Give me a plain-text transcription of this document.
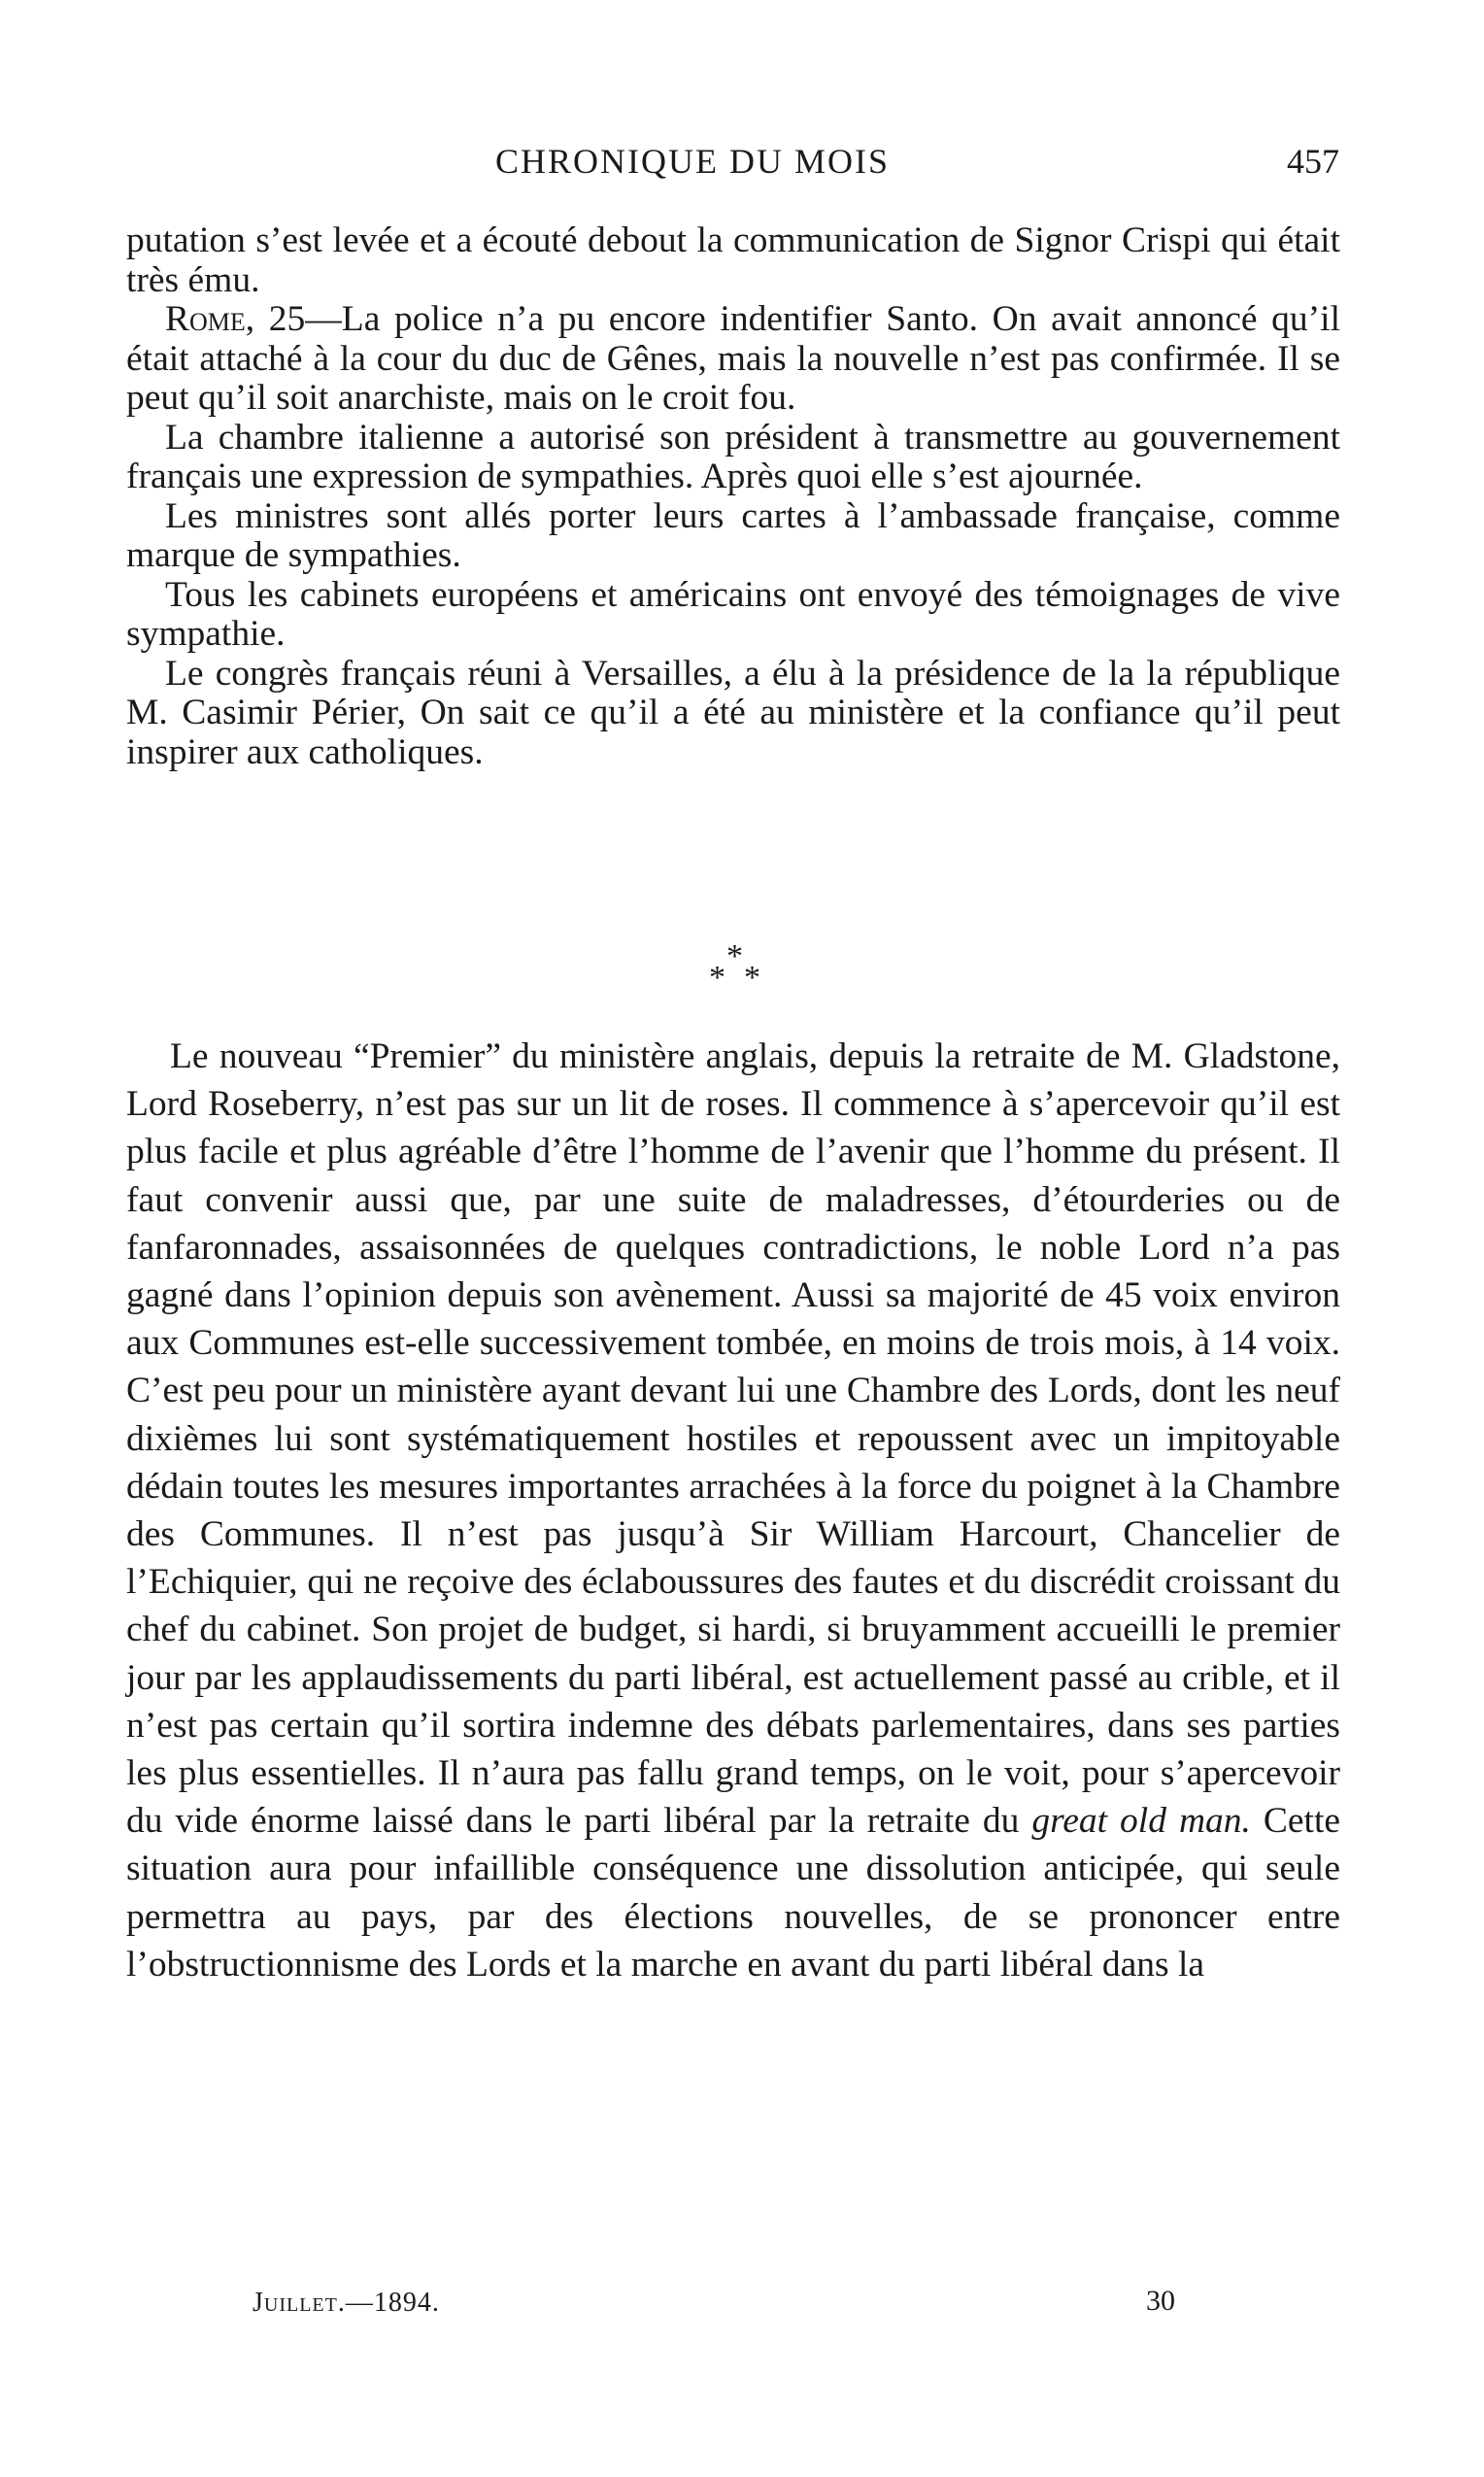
CHRONIQUE DU MOIS	457

putation s’est levée et a écouté debout la communication de Signor Crispi qui était très ému.

Rome, 25—La police n’a pu encore indentifier Santo. On avait annoncé qu’il était attaché à la cour du duc de Gênes, mais la nouvelle n’est pas confirmée. Il se peut qu’il soit anarchiste, mais on le croit fou.

La chambre italienne a autorisé son président à transmettre au gouvernement français une expression de sympathies. Après quoi elle s’est ajournée.

Les ministres sont allés porter leurs cartes à l’ambassade française, comme marque de sympathies.

Tous les cabinets européens et américains ont envoyé des témoignages de vive sympathie.

Le congrès français réuni à Versailles, a élu à la présidence de la la république M. Casimir Périer, On sait ce qu’il a été au ministère et la confiance qu’il peut inspirer aux catholiques.

*
* *

Le nouveau “Premier” du ministère anglais, depuis la retraite de M. Gladstone, Lord Roseberry, n’est pas sur un lit de roses. Il commence à s’apercevoir qu’il est plus facile et plus agréable d’être l’homme de l’avenir que l’homme du présent. Il faut convenir aussi que, par une suite de maladresses, d’étourderies ou de fanfaronnades, assaisonnées de quelques contradictions, le noble Lord n’a pas gagné dans l’opinion depuis son avènement. Aussi sa majorité de 45 voix environ aux Communes est-elle successivement tombée, en moins de trois mois, à 14 voix. C’est peu pour un ministère ayant devant lui une Chambre des Lords, dont les neuf dixièmes lui sont systématiquement hostiles et repoussent avec un impitoyable dédain toutes les mesures importantes arrachées à la force du poignet à la Chambre des Communes. Il n’est pas jusqu’à Sir William Harcourt, Chancelier de l’Echiquier, qui ne reçoive des éclaboussures des fautes et du discrédit croissant du chef du cabinet. Son projet de budget, si hardi, si bruyamment accueilli le premier jour par les applaudissements du parti libéral, est actuellement passé au crible, et il n’est pas certain qu’il sortira indemne des débats parlementaires, dans ses parties les plus essentielles. Il n’aura pas fallu grand temps, on le voit, pour s’apercevoir du vide énorme laissé dans le parti libéral par la retraite du great old man. Cette situation aura pour infaillible conséquence une dissolution anticipée, qui seule permettra au pays, par des élections nouvelles, de se prononcer entre l’obstructionnisme des Lords et la marche en avant du parti libéral dans la

Juillet.—1894.	30
